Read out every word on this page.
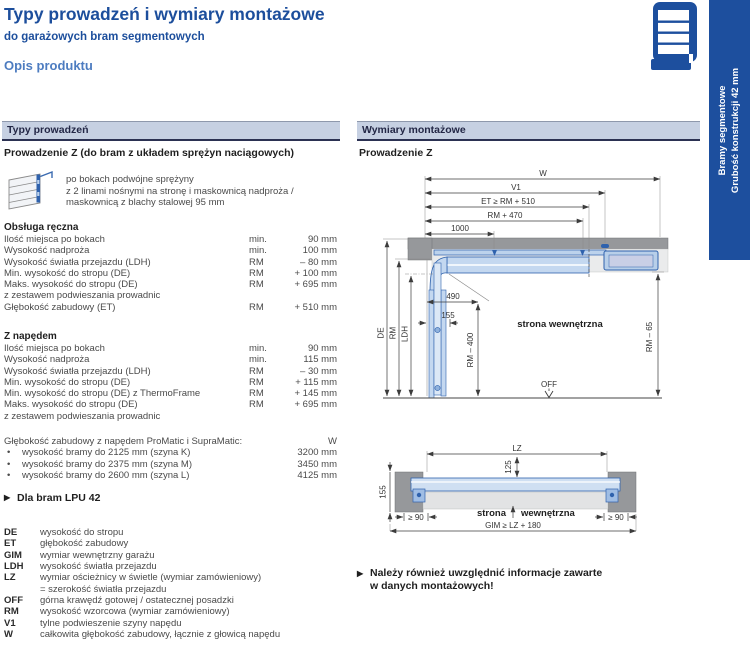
Typy prowadzeń i wymiary montażowe
do garażowych bram segmentowych
Opis produktu
Bramy segmentowe Grubość konstrukcji 42 mm
Typy prowadzeń	Wymiary montażowe
Prowadzenie Z (do bram z układem sprężyn naciągowych)	Prowadzenie Z
po bokach podwójne sprężyny
z 2 linami nośnymi na stronę i maskownicą nadproża /
maskownicą z blachy stalowej 95 mm
Obsługa ręczna
Ilość miejsca po bokach	min.	90 mm
Wysokość nadproża	min.	100 mm
Wysokość światła przejazdu (LDH)	RM	– 80 mm
Min. wysokość do stropu (DE)	RM	+ 100 mm
Maks. wysokość do stropu (DE)	RM	+ 695 mm
z zestawem podwieszania prowadnic
Głębokość zabudowy (ET)	RM	+ 510 mm
Z napędem
Ilość miejsca po bokach	min.	90 mm
Wysokość nadproża	min.	115 mm
Wysokość światła przejazdu (LDH)	RM	– 30 mm
Min. wysokość do stropu (DE)	RM	+ 115 mm
Min. wysokość do stropu (DE) z ThermoFrame	RM	+ 145 mm
Maks. wysokość do stropu (DE)	RM	+ 695 mm
z zestawem podwieszania prowadnic
Głębokość zabudowy z napędem ProMatic i SupraMatic:	W
•	wysokość bramy do 2125 mm (szyna K)	3200 mm
•	wysokość bramy do 2375 mm (szyna M)	3450 mm
•	wysokość bramy do 2600 mm (szyna L)	4125 mm
▶ Dla bram LPU 42
DE	wysokość do stropu
ET	głębokość zabudowy
GIM	wymiar wewnętrzny garażu
LDH	wysokość światła przejazdu
LZ	wymiar ościeżnicy w świetle (wymiar zamówieniowy)
= szerokość światła przejazdu
OFF	górna krawędź gotowej / ostatecznej posadzki
RM	wysokość wzorcowa (wymiar zamówieniowy)
V1	tylne podwieszenie szyny napędu
W	całkowita głębokość zabudowy, łącznie z głowicą napędu
W
V1
ET ≥ RM + 510
RM + 470
1000
DE RM LDH
490
155
RM – 400
strona wewnętrzna
OFF
RM – 65
LZ
125
155
≥ 90	≥ 90
strona wewnętrzna
GIM ≥ LZ + 180
▶ Należy również uwzględnić informacje zawarte
w danych montażowych!
